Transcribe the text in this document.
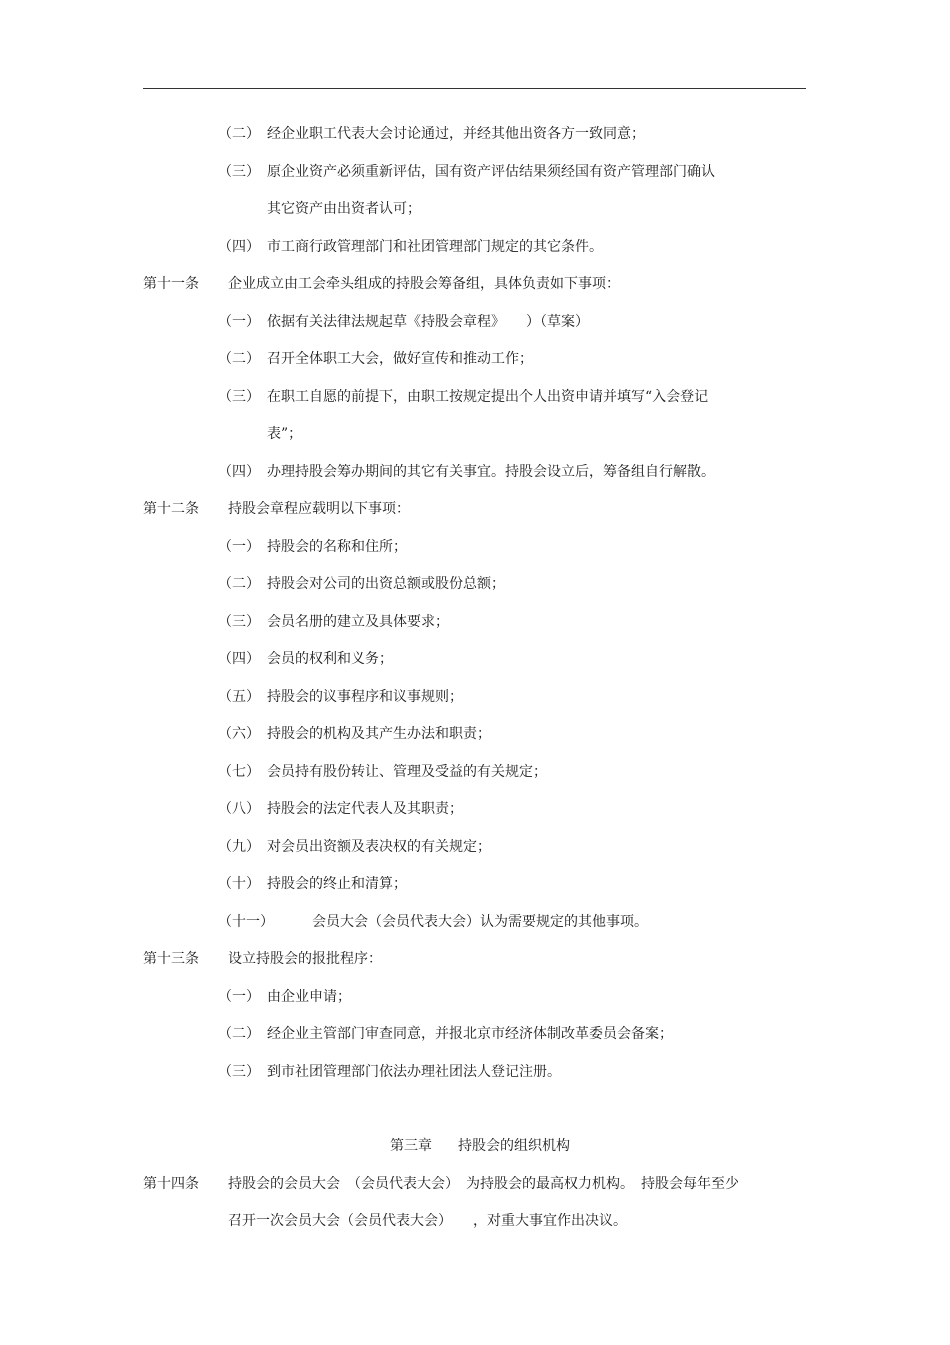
（二） 经企业职工代表大会讨论通过，并经其他出资各方一致同意；
（三） 原企业资产必须重新评估，国有资产评估结果须经国有资产管理部门确认
其它资产由出资者认可；
（四） 市工商行政管理部门和社团管理部门规定的其它条件。
第十一条 企业成立由工会牵头组成的持股会筹备组，具体负责如下事项：
（一） 依据有关法律法规起草《持股会章程》　　）（草案）
（二） 召开全体职工大会，做好宣传和推动工作；
（三） 在职工自愿的前提下，由职工按规定提出个人出资申请并填写“入会登记
表”；
（四） 办理持股会筹办期间的其它有关事宜。持股会设立后，筹备组自行解散。
第十二条 持股会章程应载明以下事项：
（一） 持股会的名称和住所；
（二） 持股会对公司的出资总额或股份总额；
（三） 会员名册的建立及具体要求；
（四） 会员的权利和义务；
（五） 持股会的议事程序和议事规则；
（六） 持股会的机构及其产生办法和职责；
（七） 会员持有股份转让、管理及受益的有关规定；
（八） 持股会的法定代表人及其职责；
（九） 对会员出资额及表决权的有关规定；
（十） 持股会的终止和清算；
（十一）	会员大会（会员代表大会）认为需要规定的其他事项。
第十三条 设立持股会的报批程序：
（一） 由企业申请；
（二） 经企业主管部门审查同意，并报北京市经济体制改革委员会备案；
（三） 到市社团管理部门依法办理社团法人登记注册。
第三章 持股会的组织机构
第十四条 持股会的会员大会　（会员代表大会）　为持股会的最高权力机构。　持股会每年至少
召开一次会员大会（会员代表大会）　　，对重大事宜作出决议。
